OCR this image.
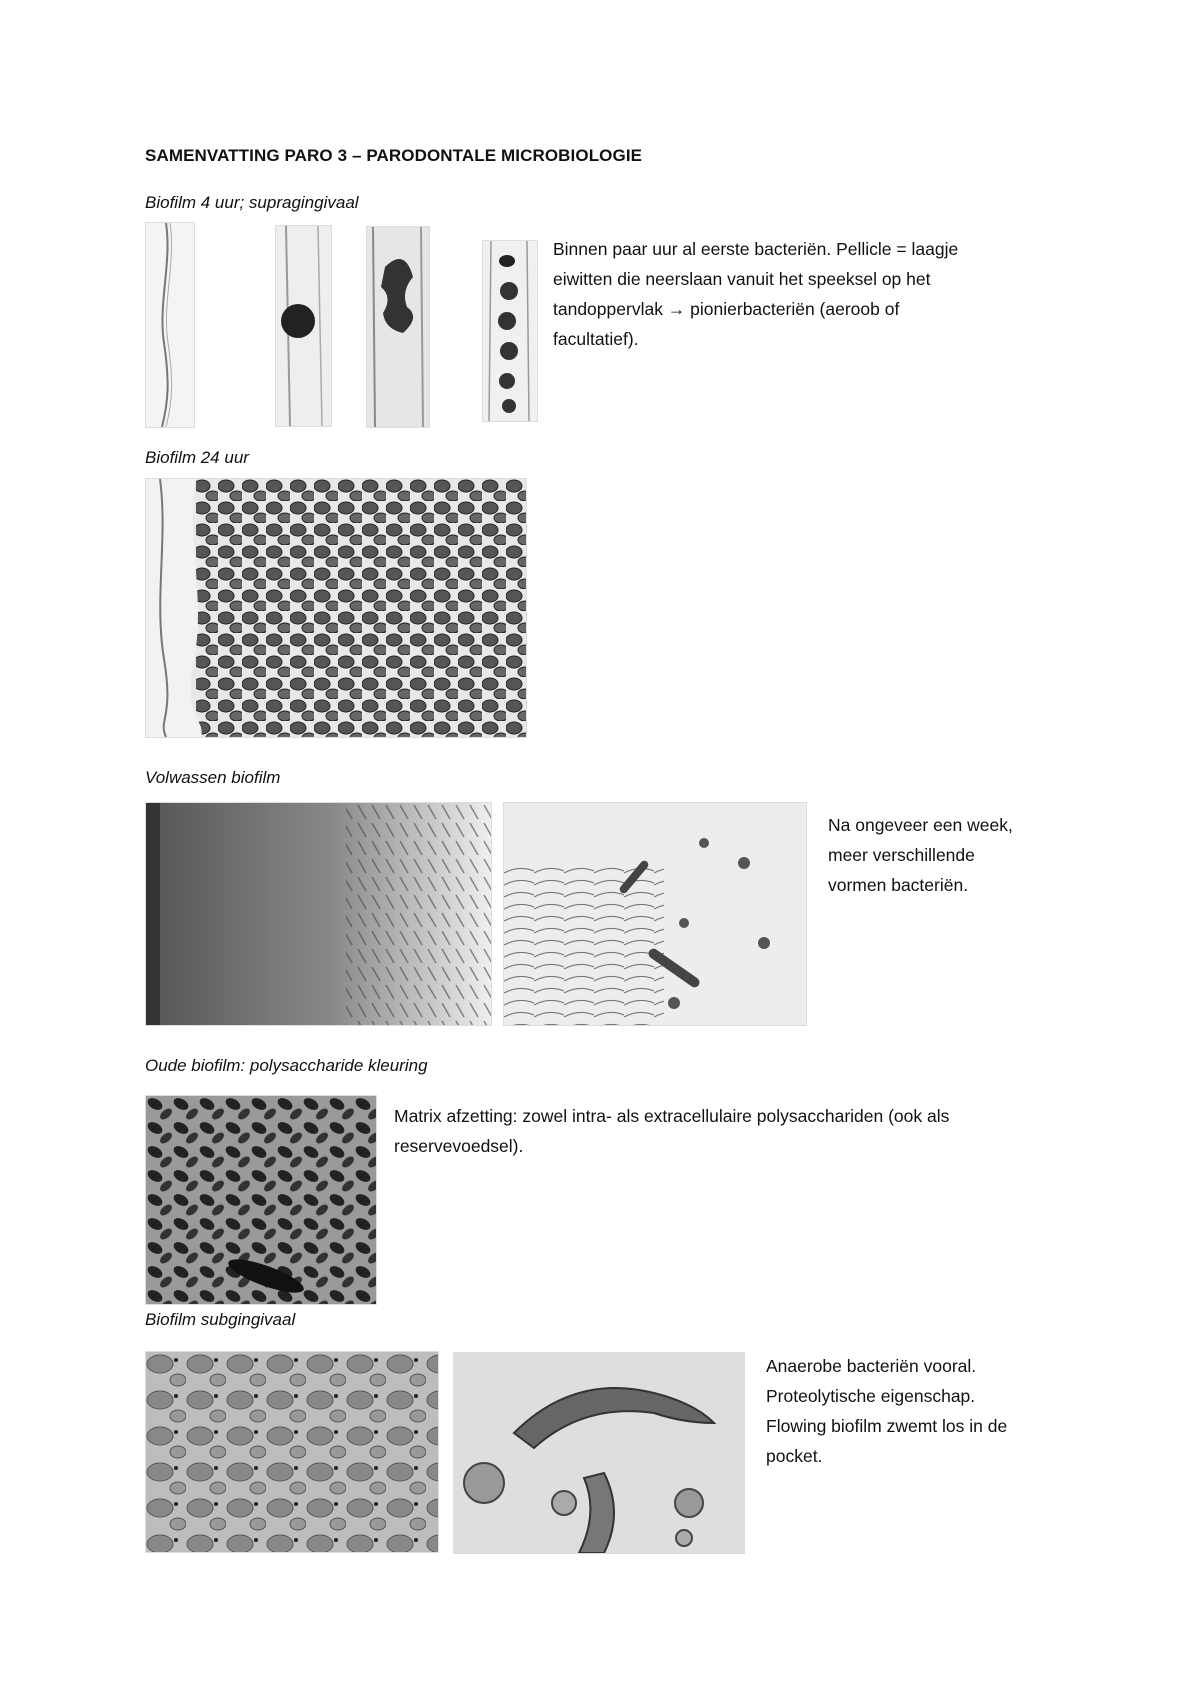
SAMENVATTING PARO 3 – PARODONTALE MICROBIOLOGIE
Biofilm 4 uur; supragingivaal
Binnen paar uur al eerste bacteriën. Pellicle = laagje
eiwitten die neerslaan vanuit het speeksel op het
tandoppervlak → pionierbacteriën (aeroob of
facultatief).
Biofilm 24 uur
Volwassen biofilm
Na ongeveer een week,
meer verschillende
vormen bacteriën.
Oude biofilm: polysaccharide kleuring
Matrix afzetting: zowel intra- als extracellulaire polysacchariden (ook als
reservevoedsel).
Biofilm subgingivaal
Anaerobe bacteriën vooral.
Proteolytische eigenschap.
Flowing biofilm zwemt los in de
pocket.
